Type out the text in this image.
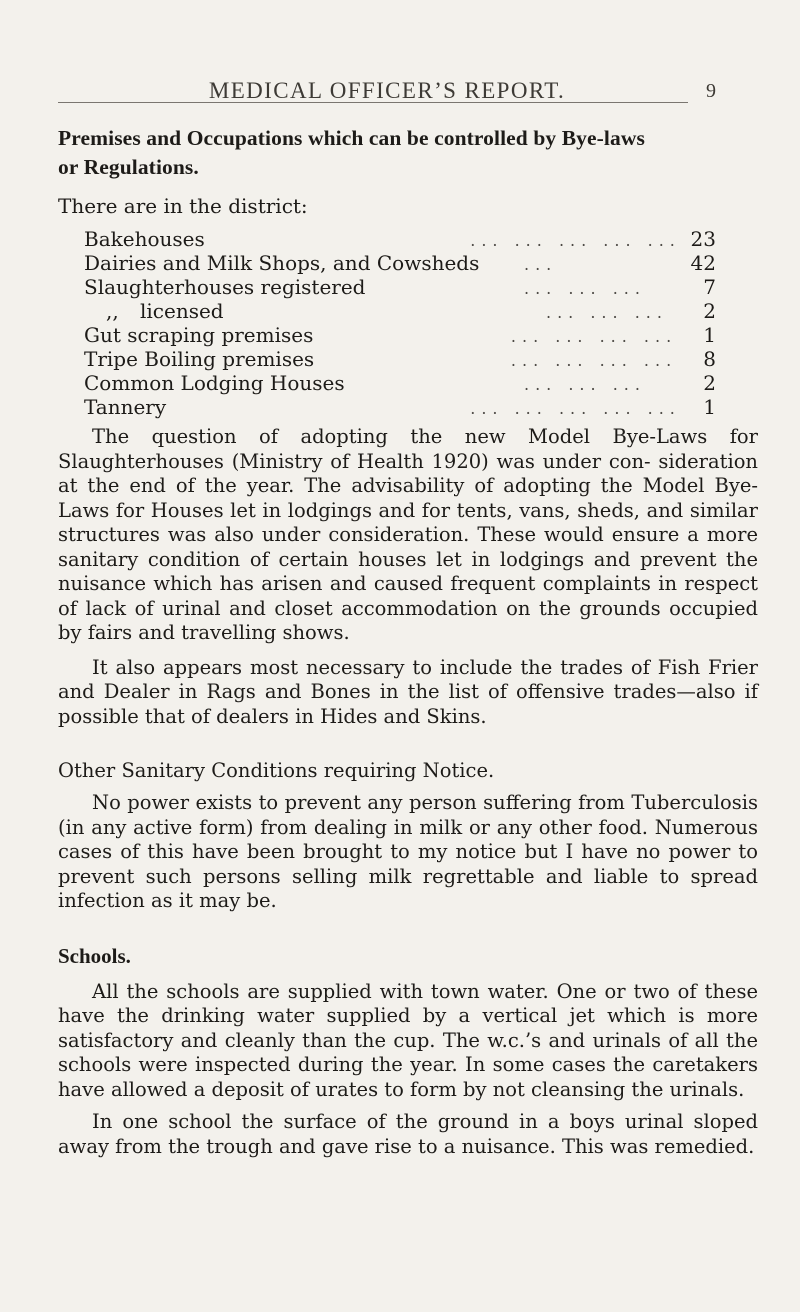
MEDICAL OFFICER’S REPORT.	9
Premises and Occupations which can be controlled by Bye-laws
or Regulations.

There are in the district:

Bakehouses	... ... ... ... ... 23
Dairies and Milk Shops, and Cowsheds	...	42
Slaughterhouses registered	... ... ...	7
,, licensed	... ... ...	2
Gut scraping premises	... ... ... ...	1
Tripe Boiling premises	... ... ... ...	8
Common Lodging Houses	... ... ...	2
Tannery	... ... ... ... ...	1

The question of adopting the new Model Bye-Laws for Slaughterhouses (Ministry of Health 1920) was under con- sideration at the end of the year. The advisability of adopting the Model Bye-Laws for Houses let in lodgings and for tents, vans, sheds, and similar structures was also under consideration. These would ensure a more sanitary condition of certain houses let in lodgings and prevent the nuisance which has arisen and caused frequent complaints in respect of lack of urinal and closet accommodation on the grounds occupied by fairs and travelling shows.

It also appears most necessary to include the trades of Fish Frier and Dealer in Rags and Bones in the list of offensive trades—also if possible that of dealers in Hides and Skins.

Other Sanitary Conditions requiring Notice.

No power exists to prevent any person suffering from Tuberculosis (in any active form) from dealing in milk or any other food. Numerous cases of this have been brought to my notice but I have no power to prevent such persons selling milk regrettable and liable to spread infection as it may be.

Schools.

All the schools are supplied with town water. One or two of these have the drinking water supplied by a vertical jet which is more satisfactory and cleanly than the cup. The w.c.’s and urinals of all the schools were inspected during the year. In some cases the caretakers have allowed a deposit of urates to form by not cleansing the urinals.

In one school the surface of the ground in a boys urinal sloped away from the trough and gave rise to a nuisance. This was remedied.
